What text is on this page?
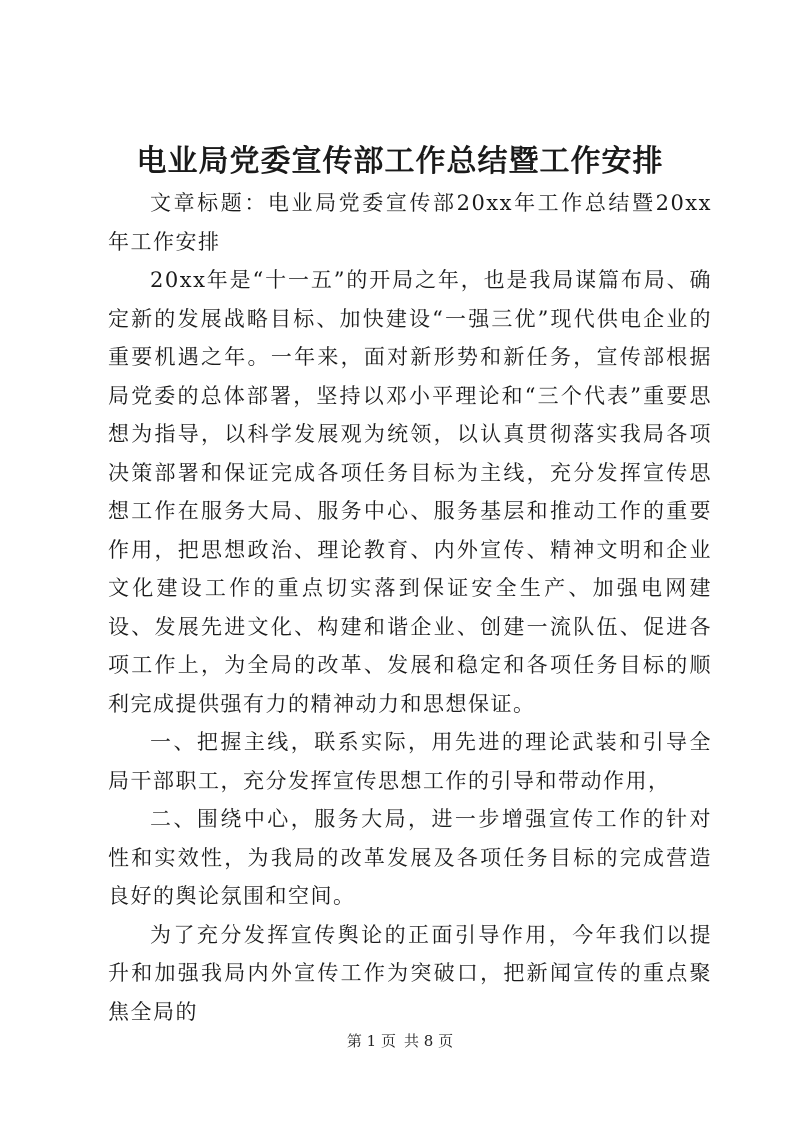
电业局党委宣传部工作总结暨工作安排

文章标题：电业局党委宣传部20xx年工作总结暨20xx年工作安排

20xx年是“十一五”的开局之年，也是我局谋篇布局、确定新的发展战略目标、加快建设“一强三优”现代供电企业的重要机遇之年。一年来，面对新形势和新任务，宣传部根据局党委的总体部署，坚持以邓小平理论和“三个代表”重要思想为指导，以科学发展观为统领，以认真贯彻落实我局各项决策部署和保证完成各项任务目标为主线，充分发挥宣传思想工作在服务大局、服务中心、服务基层和推动工作的重要作用，把思想政治、理论教育、内外宣传、精神文明和企业文化建设工作的重点切实落到保证安全生产、加强电网建设、发展先进文化、构建和谐企业、创建一流队伍、促进各项工作上，为全局的改革、发展和稳定和各项任务目标的顺利完成提供强有力的精神动力和思想保证。

一、把握主线，联系实际，用先进的理论武装和引导全局干部职工，充分发挥宣传思想工作的引导和带动作用，

二、围绕中心，服务大局，进一步增强宣传工作的针对性和实效性，为我局的改革发展及各项任务目标的完成营造良好的舆论氛围和空间。

为了充分发挥宣传舆论的正面引导作用，今年我们以提升和加强我局内外宣传工作为突破口，把新闻宣传的重点聚焦全局的

第 1 页 共 8 页
